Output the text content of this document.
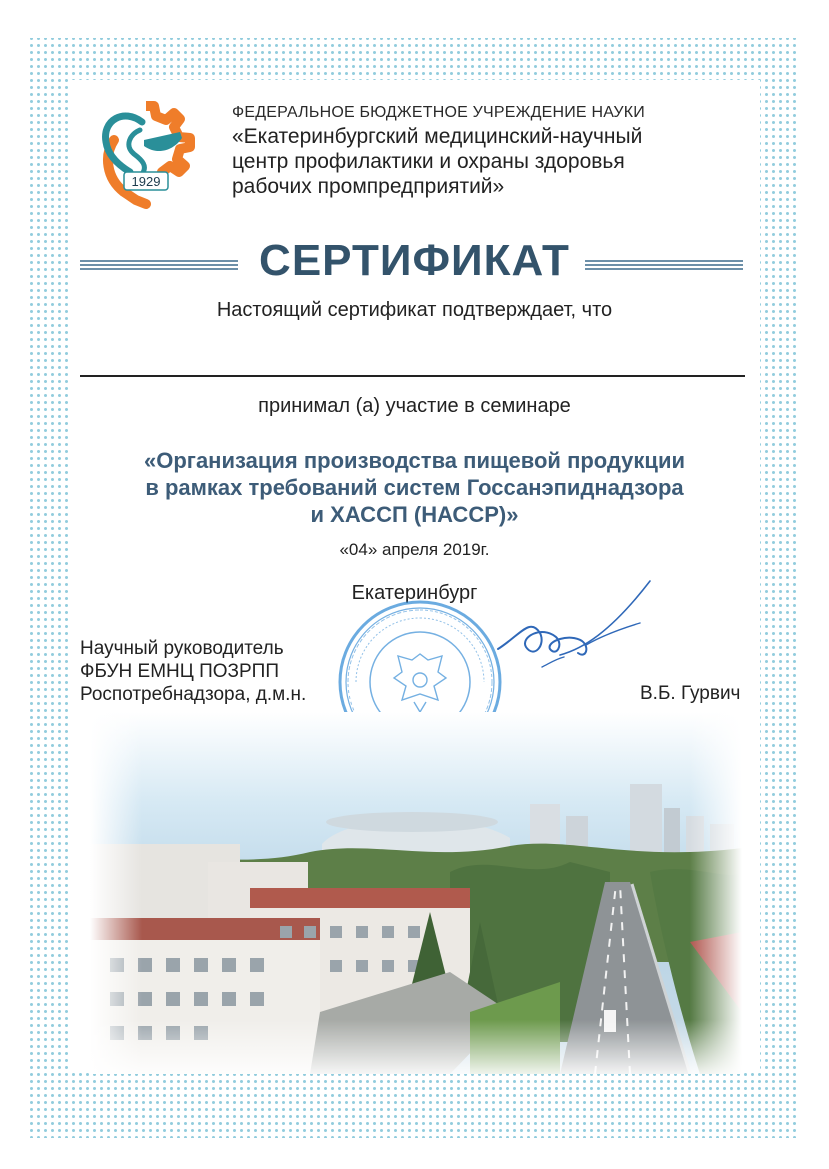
1929
ФЕДЕРАЛЬНОЕ БЮДЖЕТНОЕ УЧРЕЖДЕНИЕ НАУКИ
«Екатеринбургский медицинский-научный
центр профилактики и охраны здоровья
рабочих промпредприятий»
СЕРТИФИКАТ
Настоящий сертификат подтверждает, что
принимал (а) участие в семинаре
«Организация производства пищевой продукции
в рамках требований систем Госсанэпиднадзора
и ХАССП (НАССР)»
«04» апреля 2019г.
Екатеринбург
Научный руководитель
ФБУН ЕМНЦ ПОЗРПП
Роспотребнадзора, д.м.н.	В.Б. Гурвич
